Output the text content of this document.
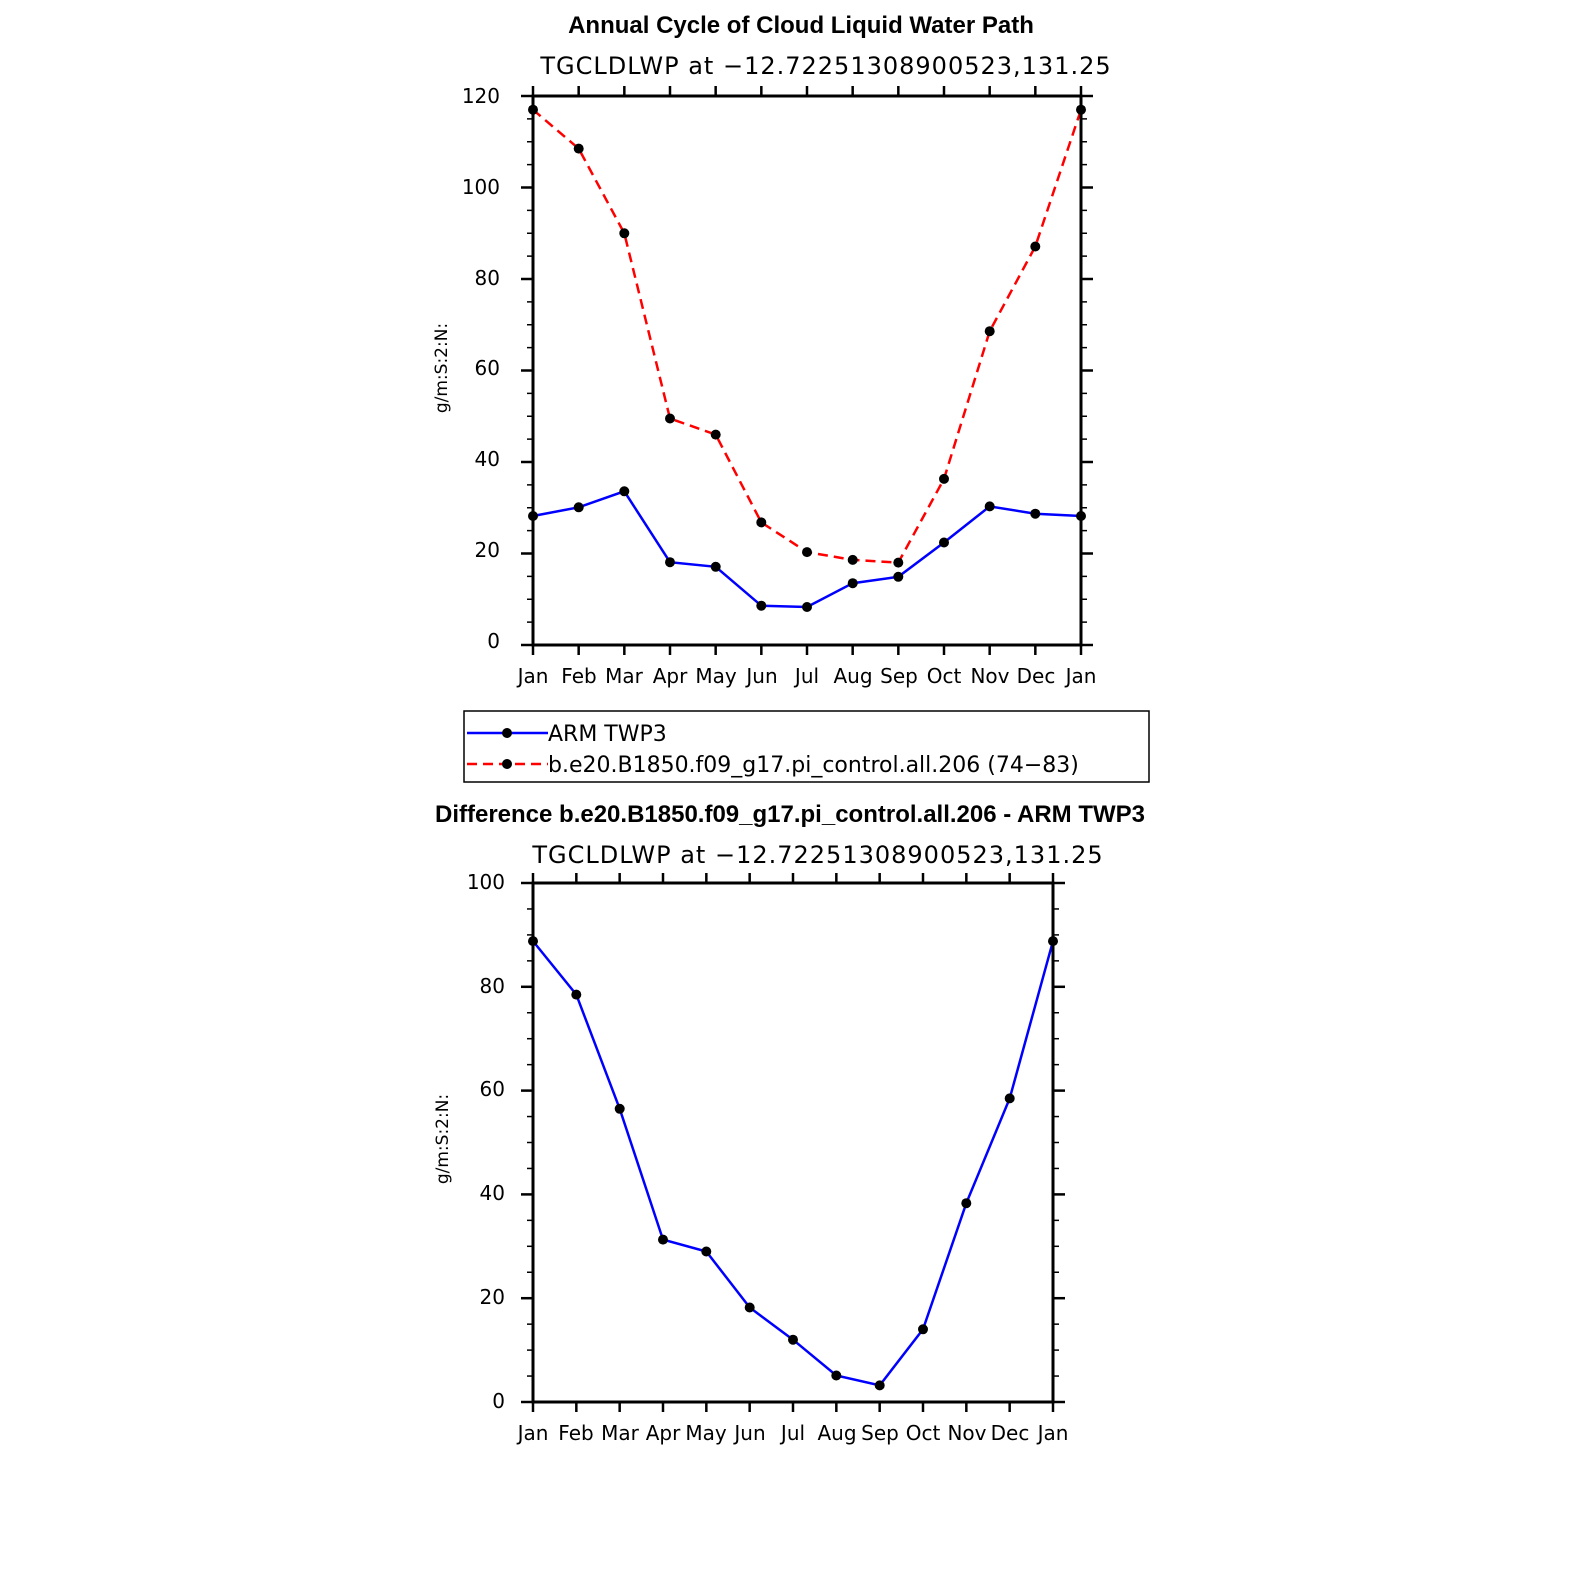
Annual Cycle of Cloud Liquid Water Path
TGCLDLWP at −12.72251308900523,131.25
g/m:S:2:N:
0
20
40
60
80
100
120
Jan Feb Mar Apr May Jun Jul Aug Sep Oct Nov Dec Jan
ARM TWP3
b.e20.B1850.f09_g17.pi_control.all.206 (74−83)
Difference b.e20.B1850.f09_g17.pi_control.all.206 - ARM TWP3
TGCLDLWP at −12.72251308900523,131.25
g/m:S:2:N:
0
20
40
60
80
100
Jan Feb Mar Apr May Jun Jul Aug Sep Oct Nov Dec Jan
